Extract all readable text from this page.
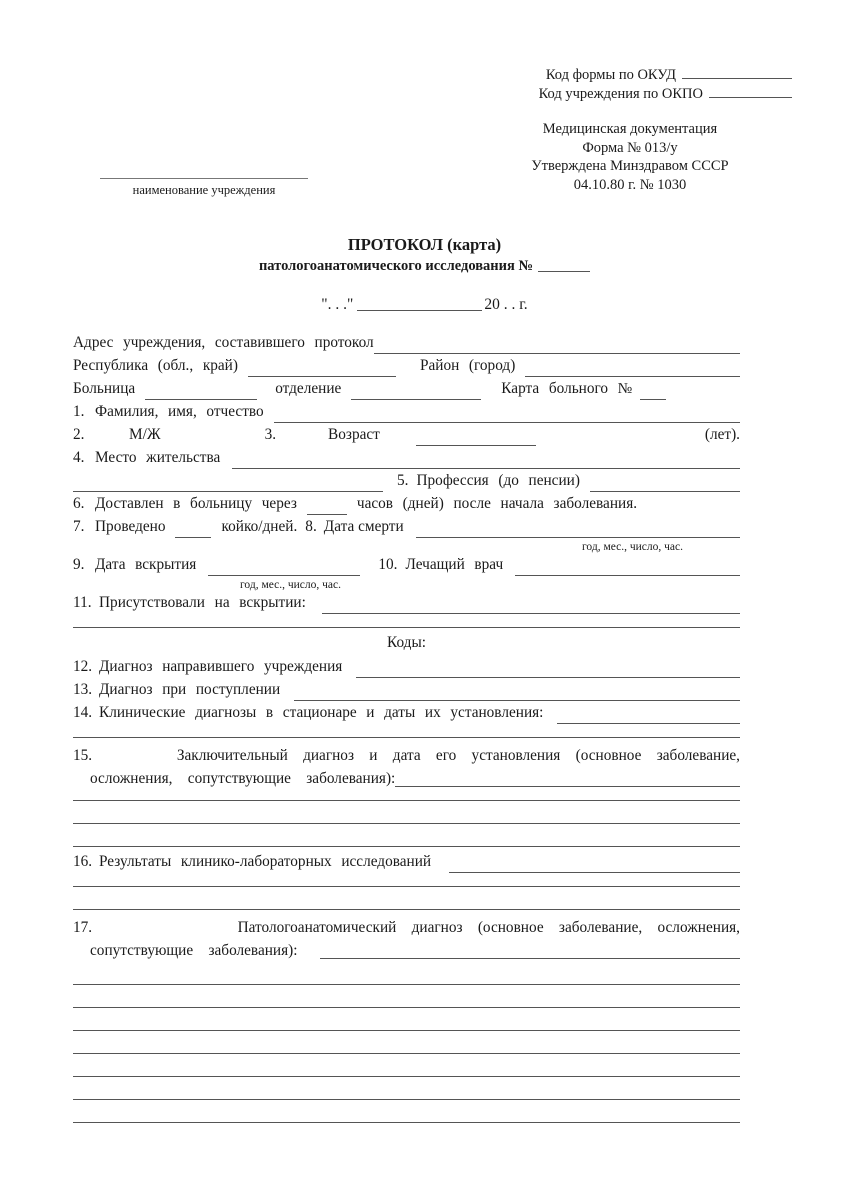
Код формы по ОКУД
Код учреждения по ОКПО
Медицинская документация
Форма № 013/у
Утверждена Минздравом СССР
04.10.80 г. № 1030
наименование учреждения
ПРОТОКОЛ (карта)
патологоанатомического исследования №
". . ."	20 . . г.
Адрес учреждения, составившего протокол
Республика (обл., край)	Район (город)
Больница	отделение	Карта больного №
1. Фамилия, имя, отчество
2.	М/Ж	3.	Возраст	(лет).
4. Место жительства
5. Профессия (до пенсии)
6. Доставлен в больницу через	часов (дней) после начала заболевания.
7. Проведено	койко/дней. 8. Дата смерти
год, мес., число, час.
9. Дата вскрытия	10. Лечащий врач
год, мес., число, час.
11. Присутствовали на вскрытии:
Коды:
12. Диагноз направившего учреждения
13. Диагноз при поступлении
14. Клинические диагнозы в стационаре и даты их установления:
15.	Заключительный диагноз и дата его установления (основное заболевание,
осложнения, сопутствующие заболевания):
16. Результаты клинико-лабораторных исследований
17.	Патологоанатомический диагноз (основное заболевание, осложнения,
сопутствующие заболевания):
